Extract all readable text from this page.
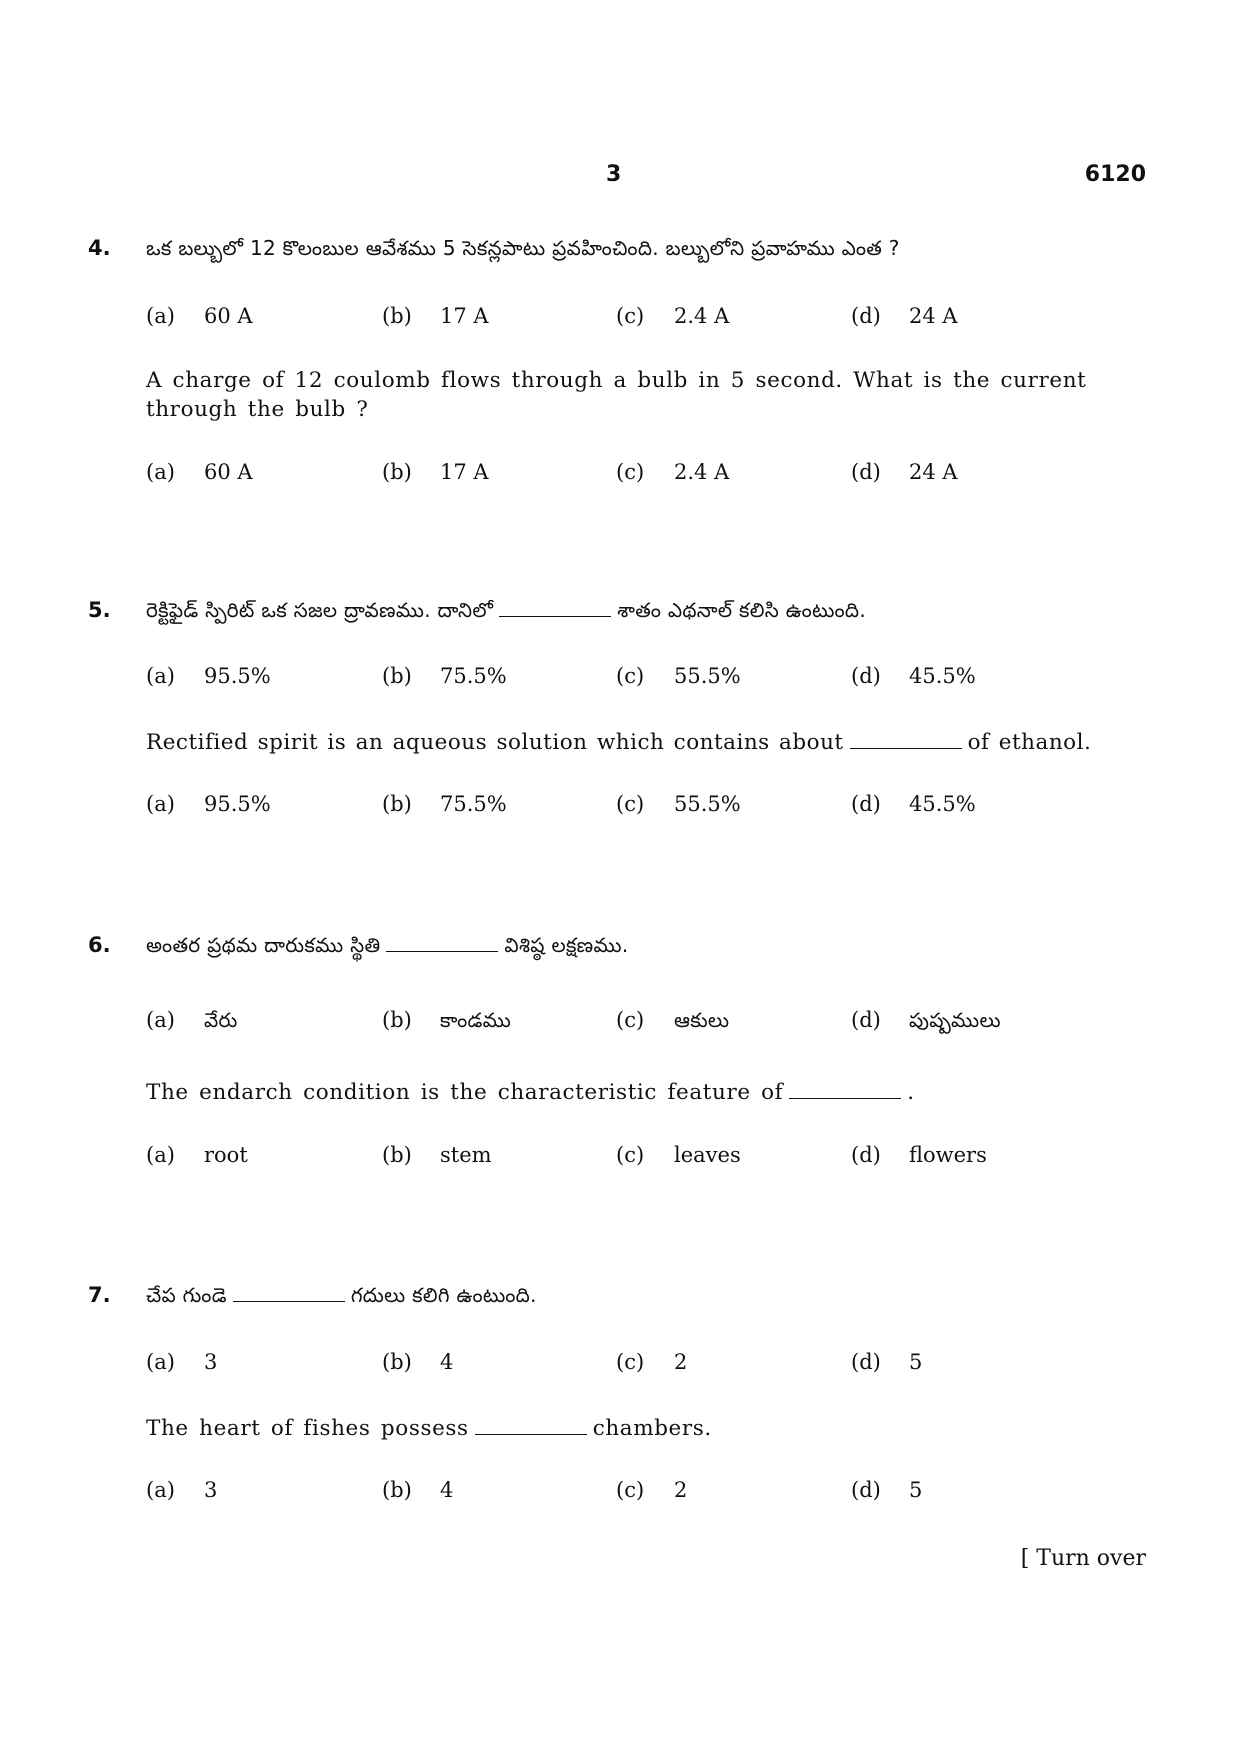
3	6120
4. ఒక బల్బులో 12 కొలంబుల ఆవేశము 5 సెకన్లపాటు ప్రవహించింది. బల్బులోని ప్రవాహము ఎంత ?
(a) 60 A	(b) 17 A	(c) 2.4 A	(d) 24 A
A charge of 12 coulomb flows through a bulb in 5 second. What is the current through the bulb ?
(a) 60 A	(b) 17 A	(c) 2.4 A	(d) 24 A
5. రెక్టిఫైడ్ స్పిరిట్ ఒక సజల ద్రావణము. దానిలో	శాతం ఎథనాల్ కలిసి ఉంటుంది.
(a) 95.5%	(b) 75.5%	(c) 55.5%	(d) 45.5%
Rectified spirit is an aqueous solution which contains about	of ethanol.
(a) 95.5%	(b) 75.5%	(c) 55.5%	(d) 45.5%
6. అంతర ప్రథమ దారుకము స్థితి	విశిష్ఠ లక్షణము.
(a) వేరు	(b) కాండము	(c) ఆకులు	(d) పుష్పములు
The endarch condition is the characteristic feature of	.
(a) root	(b) stem	(c) leaves	(d) flowers
7. చేప గుండె	గదులు కలిగి ఉంటుంది.
(a) 3	(b) 4	(c) 2	(d) 5
The heart of fishes possess	chambers.
(a) 3	(b) 4	(c) 2	(d) 5
[ Turn over
